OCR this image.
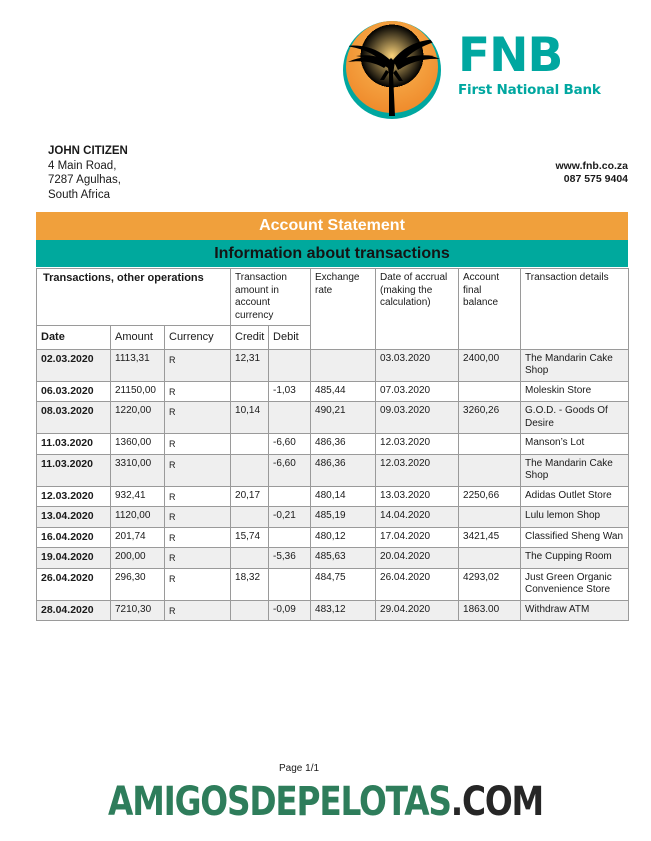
FNB
First National Bank
JOHN CITIZEN
4 Main Road,
7287 Agulhas,
South Africa
www.fnb.co.za
087 575 9404
Account Statement
Information about transactions
Transactions, other operations			Transaction amount in account currency		Exchange rate	Date of accrual (making the calculation)	Account final balance	Transaction details
Date	Amount	Currency	Credit	Debit				
02.03.2020	1113,31	R	12,31			03.03.2020	2400,00	The Mandarin Cake Shop
06.03.2020	21150,00	R		-1,03	485,44	07.03.2020		Moleskin Store
08.03.2020	1220,00	R	10,14		490,21	09.03.2020	3260,26	G.O.D. - Goods Of Desire
11.03.2020	1360,00	R		-6,60	486,36	12.03.2020		Manson’s Lot
11.03.2020	3310,00	R		-6,60	486,36	12.03.2020		The Mandarin Cake Shop
12.03.2020	932,41	R	20,17		480,14	13.03.2020	2250,66	Adidas Outlet Store
13.04.2020	1120,00	R		-0,21	485,19	14.04.2020		Lulu lemon Shop
16.04.2020	201,74	R	15,74		480,12	17.04.2020	3421,45	Classified Sheng Wan
19.04.2020	200,00	R		-5,36	485,63	20.04.2020		The Cupping Room
26.04.2020	296,30	R	18,32		484,75	26.04.2020	4293,02	Just Green Organic Convenience Store
28.04.2020	7210,30	R		-0,09	483,12	29.04.2020	1863.00	Withdraw ATM
Page 1/1
AMIGOSDEPELOTAS.COM
